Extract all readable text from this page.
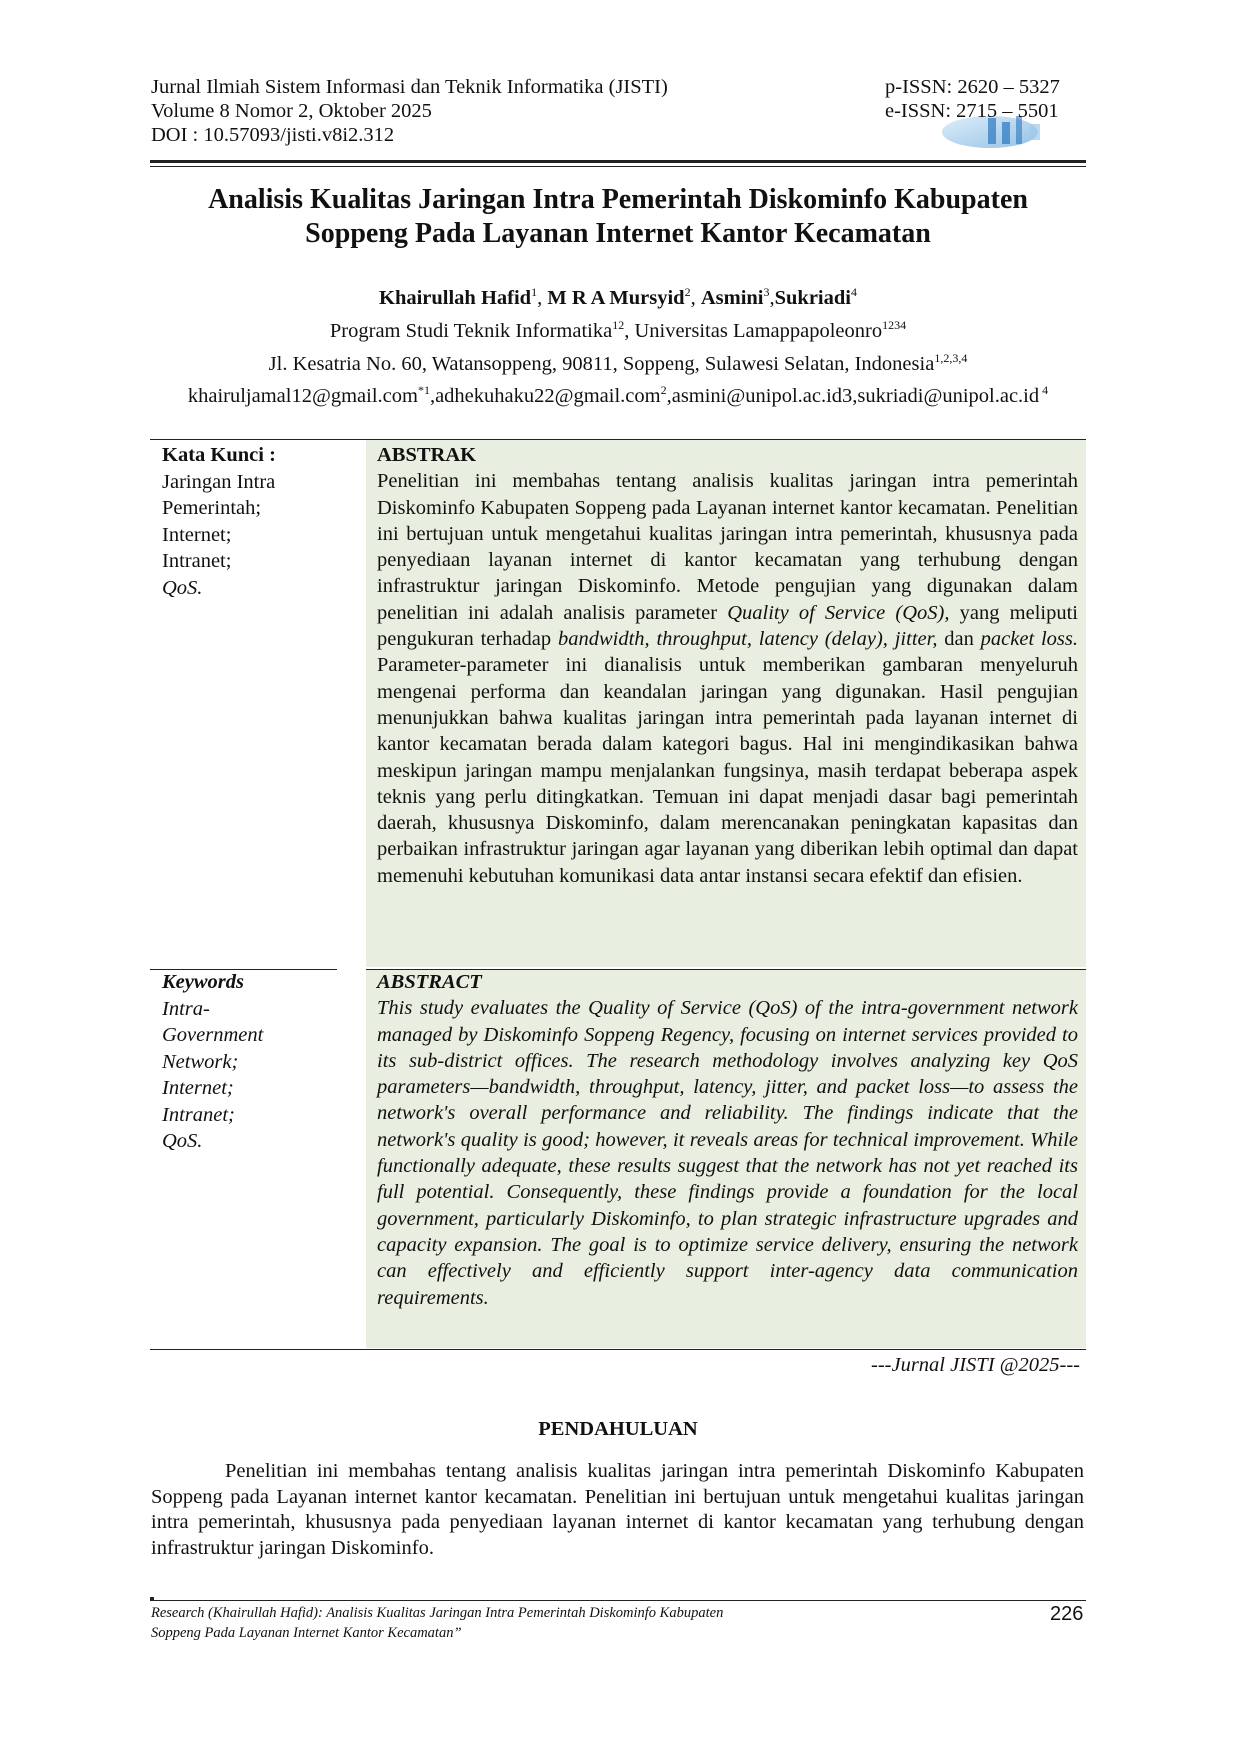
Jurnal Ilmiah Sistem Informasi dan Teknik Informatika (JISTI)
Volume 8 Nomor 2, Oktober 2025
DOI : 10.57093/jisti.v8i2.312
p-ISSN: 2620 – 5327
e-ISSN: 2715 – 5501
Analisis Kualitas Jaringan Intra Pemerintah Diskominfo Kabupaten
Soppeng Pada Layanan Internet Kantor Kecamatan
Khairullah Hafid$^1$, M R A Mursyid$^2$, Asmini$^3$,Sukriadi$^4$
Program Studi Teknik Informatika$^{12}$, Universitas Lamappapoleonro$^{1234}$
Jl. Kesatria No. 60, Watansoppeng, 90811, Soppeng, Sulawesi Selatan, Indonesia$^{1,2,3,4}$
khairuljamal12@gmail.com$^{*1}$,adhekuhaku22@gmail.com$^2$,asmini@unipol.ac.id3,sukriadi@unipol.ac.id $^4$
Kata Kunci :
Jaringan Intra Pemerintah;
Internet;
Intranet;
QoS.
ABSTRAK
Penelitian ini membahas tentang analisis kualitas jaringan intra pemerintah Diskominfo Kabupaten Soppeng pada Layanan internet kantor kecamatan. Penelitian ini bertujuan untuk mengetahui kualitas jaringan intra pemerintah, khususnya pada penyediaan layanan internet di kantor kecamatan yang terhubung dengan infrastruktur jaringan Diskominfo. Metode pengujian yang digunakan dalam penelitian ini adalah analisis parameter Quality of Service (QoS), yang meliputi pengukuran terhadap bandwidth, throughput, latency (delay), jitter, dan packet loss. Parameter-parameter ini dianalisis untuk memberikan gambaran menyeluruh mengenai performa dan keandalan jaringan yang digunakan. Hasil pengujian menunjukkan bahwa kualitas jaringan intra pemerintah pada layanan internet di kantor kecamatan berada dalam kategori bagus. Hal ini mengindikasikan bahwa meskipun jaringan mampu menjalankan fungsinya, masih terdapat beberapa aspek teknis yang perlu ditingkatkan. Temuan ini dapat menjadi dasar bagi pemerintah daerah, khususnya Diskominfo, dalam merencanakan peningkatan kapasitas dan perbaikan infrastruktur jaringan agar layanan yang diberikan lebih optimal dan dapat memenuhi kebutuhan komunikasi data antar instansi secara efektif dan efisien.
Keywords
Intra-
Government
Network;
Internet;
Intranet;
QoS.
ABSTRACT
This study evaluates the Quality of Service (QoS) of the intra-government network managed by Diskominfo Soppeng Regency, focusing on internet services provided to its sub-district offices. The research methodology involves analyzing key QoS parameters—bandwidth, throughput, latency, jitter, and packet loss—to assess the network's overall performance and reliability. The findings indicate that the network's quality is good; however, it reveals areas for technical improvement. While functionally adequate, these results suggest that the network has not yet reached its full potential. Consequently, these findings provide a foundation for the local government, particularly Diskominfo, to plan strategic infrastructure upgrades and capacity expansion. The goal is to optimize service delivery, ensuring the network can effectively and efficiently support inter-agency data communication requirements.
---Jurnal JISTI @2025---
PENDAHULUAN
Penelitian ini membahas tentang analisis kualitas jaringan intra pemerintah Diskominfo Kabupaten Soppeng pada Layanan internet kantor kecamatan. Penelitian ini bertujuan untuk mengetahui kualitas jaringan intra pemerintah, khususnya pada penyediaan layanan internet di kantor kecamatan yang terhubung dengan infrastruktur jaringan Diskominfo.
Research (Khairullah Hafid): Analisis Kualitas Jaringan Intra Pemerintah Diskominfo Kabupaten
Soppeng Pada Layanan Internet Kantor Kecamatan”
226
